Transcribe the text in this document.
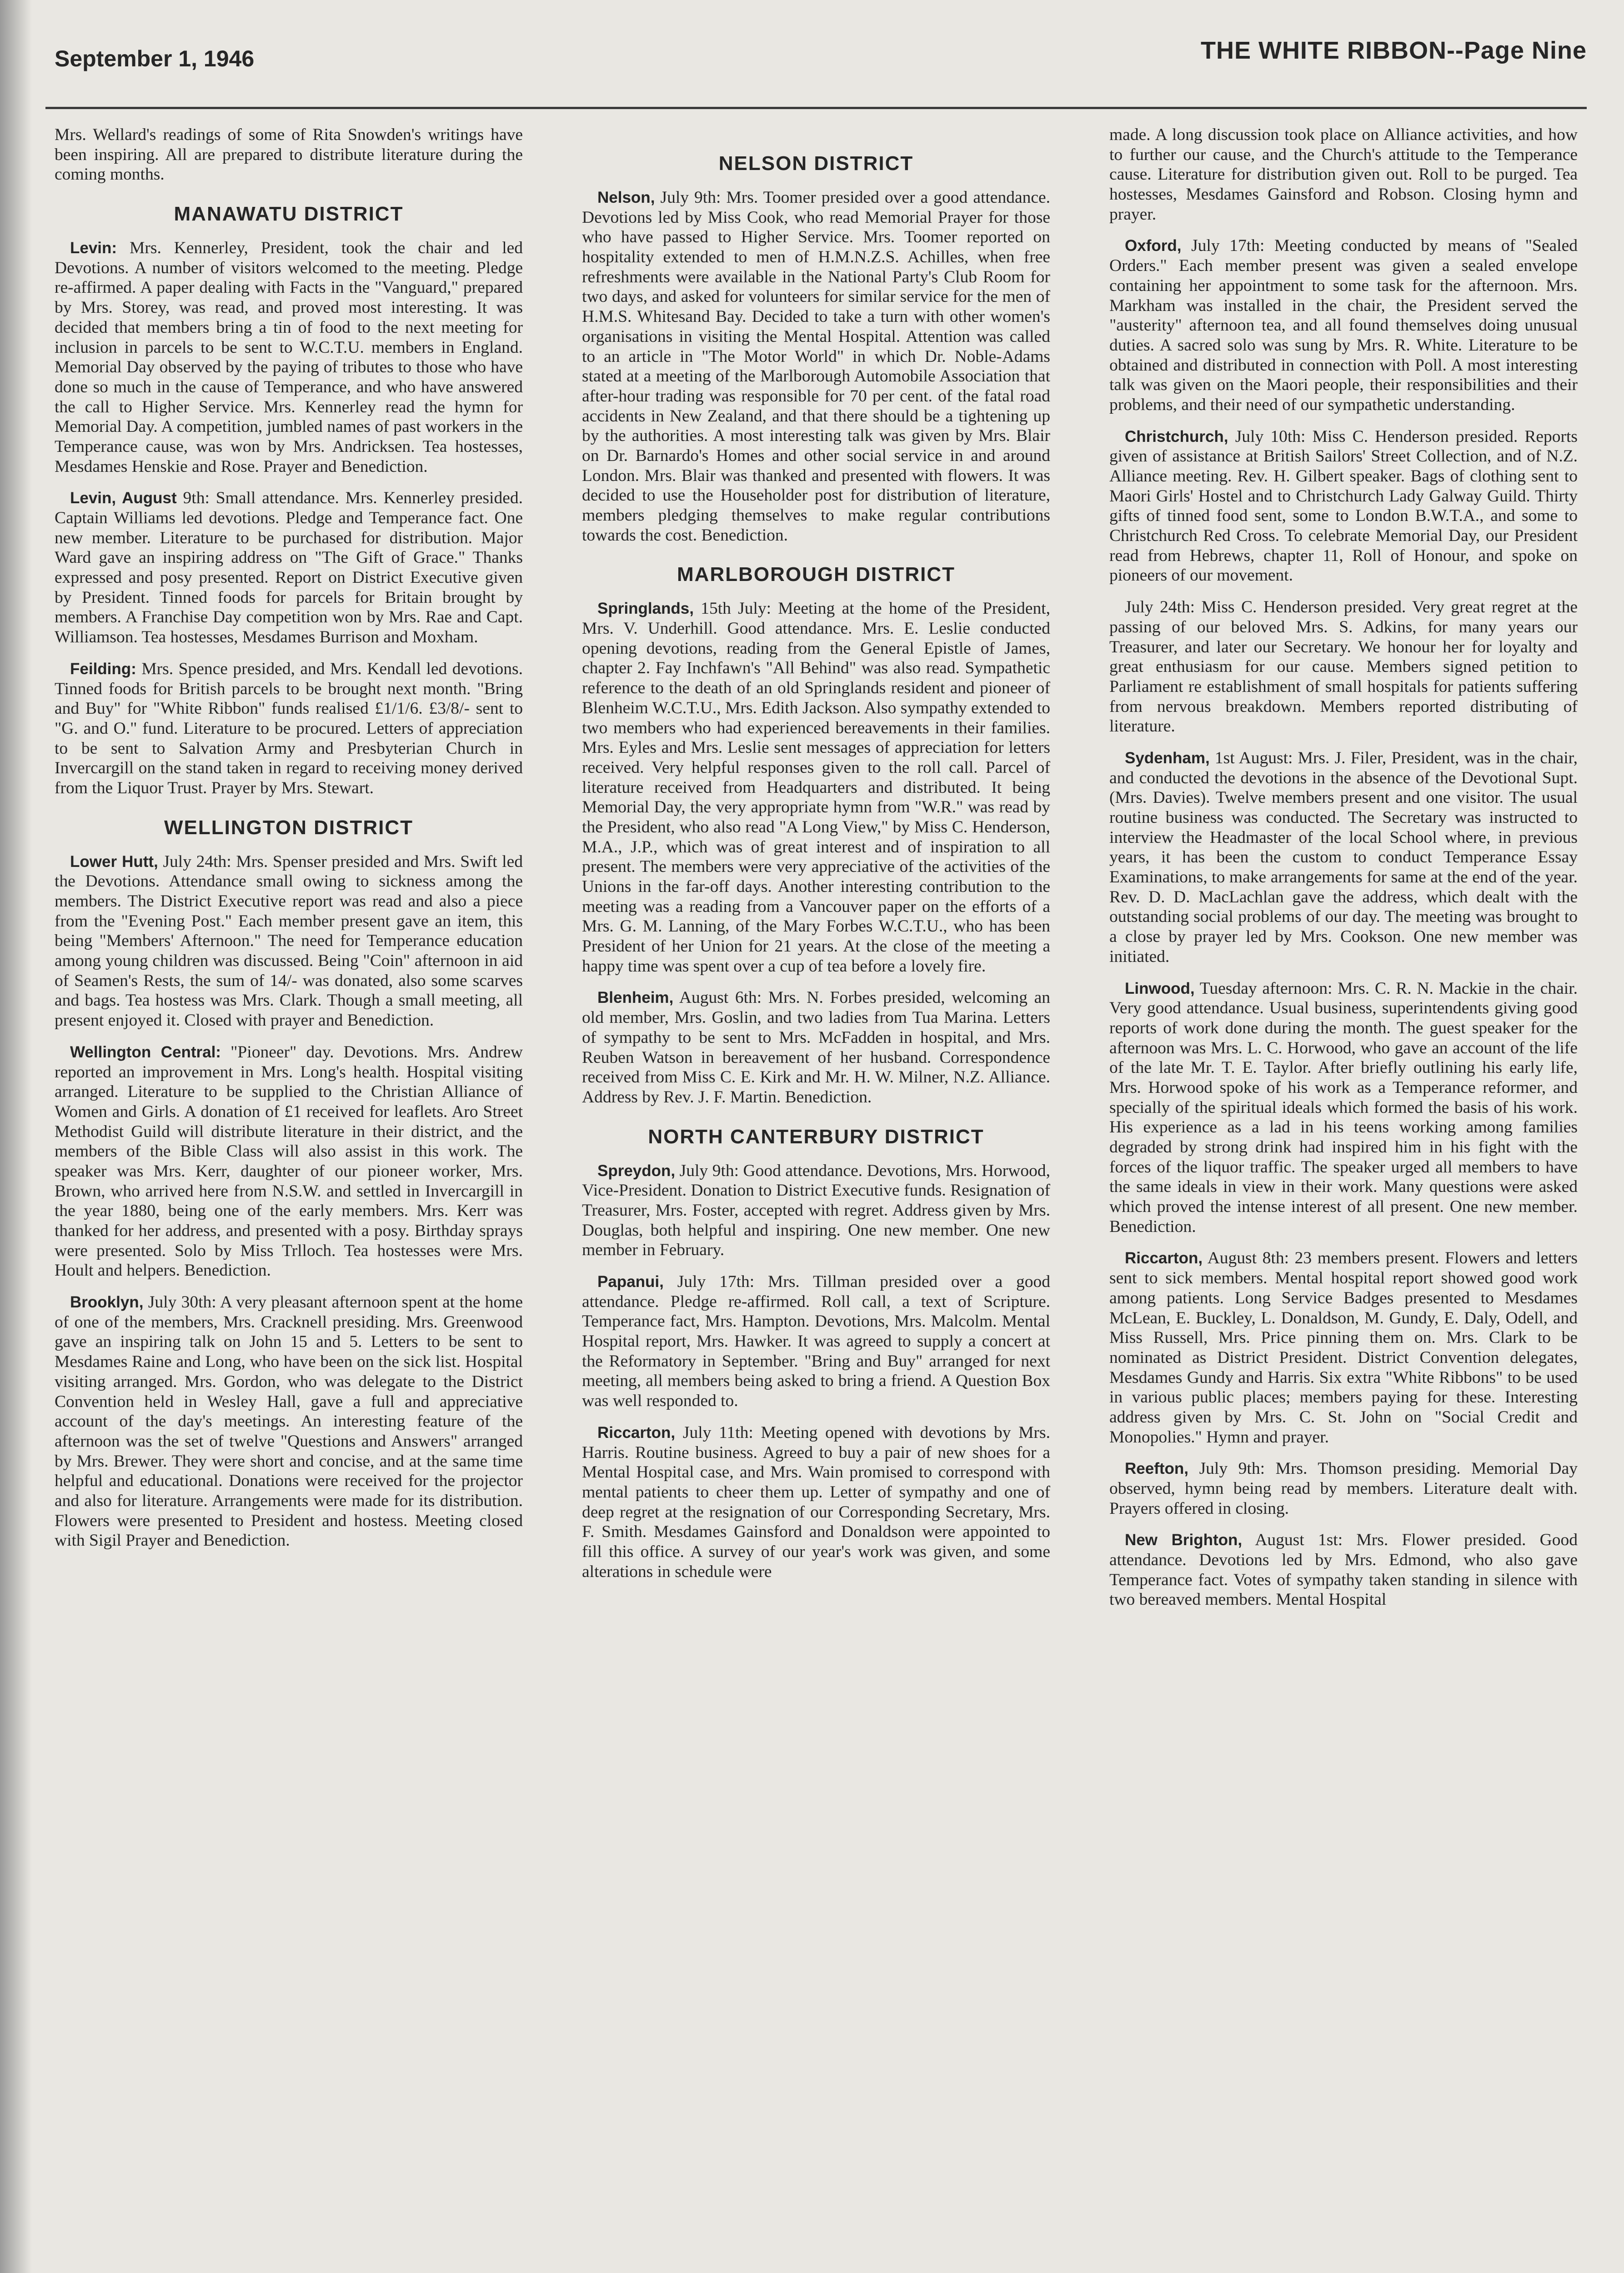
September 1, 1946	THE WHITE RIBBON--Page Nine

Mrs. Wellard's readings of some of Rita Snowden's writings have been inspiring. All are prepared to distribute literature during the coming months.

MANAWATU DISTRICT

Levin: Mrs. Kennerley, President, took the chair and led Devotions. A number of visitors welcomed to the meeting. Pledge re-affirmed. A paper dealing with Facts in the "Vanguard," prepared by Mrs. Storey, was read, and proved most interesting. It was decided that members bring a tin of food to the next meeting for inclusion in parcels to be sent to W.C.T.U. members in England. Memorial Day observed by the paying of tributes to those who have done so much in the cause of Temperance, and who have answered the call to Higher Service. Mrs. Kennerley read the hymn for Memorial Day. A competition, jumbled names of past workers in the Temperance cause, was won by Mrs. Andricksen. Tea hostesses, Mesdames Henskie and Rose. Prayer and Benediction.

Levin, August 9th: Small attendance. Mrs. Kennerley presided. Captain Williams led devotions. Pledge and Temperance fact. One new member. Literature to be purchased for distribution. Major Ward gave an inspiring address on "The Gift of Grace." Thanks expressed and posy presented. Report on District Executive given by President. Tinned foods for parcels for Britain brought by members. A Franchise Day competition won by Mrs. Rae and Capt. Williamson. Tea hostesses, Mesdames Burrison and Moxham.

Feilding: Mrs. Spence presided, and Mrs. Kendall led devotions. Tinned foods for British parcels to be brought next month. "Bring and Buy" for "White Ribbon" funds realised £1/1/6. £3/8/- sent to "G. and O." fund. Literature to be procured. Letters of appreciation to be sent to Salvation Army and Presbyterian Church in Invercargill on the stand taken in regard to receiving money derived from the Liquor Trust. Prayer by Mrs. Stewart.

WELLINGTON DISTRICT

Lower Hutt, July 24th: Mrs. Spenser presided and Mrs. Swift led the Devotions. Attendance small owing to sickness among the members. The District Executive report was read and also a piece from the "Evening Post." Each member present gave an item, this being "Members' Afternoon." The need for Temperance education among young children was discussed. Being "Coin" afternoon in aid of Seamen's Rests, the sum of 14/- was donated, also some scarves and bags. Tea hostess was Mrs. Clark. Though a small meeting, all present enjoyed it. Closed with prayer and Benediction.

Wellington Central: "Pioneer" day. Devotions. Mrs. Andrew reported an improvement in Mrs. Long's health. Hospital visiting arranged. Literature to be supplied to the Christian Alliance of Women and Girls. A donation of £1 received for leaflets. Aro Street Methodist Guild will distribute literature in their district, and the members of the Bible Class will also assist in this work. The speaker was Mrs. Kerr, daughter of our pioneer worker, Mrs. Brown, who arrived here from N.S.W. and settled in Invercargill in the year 1880, being one of the early members. Mrs. Kerr was thanked for her address, and presented with a posy. Birthday sprays were presented. Solo by Miss Trlloch. Tea hostesses were Mrs. Hoult and helpers. Benediction.

Brooklyn, July 30th: A very pleasant afternoon spent at the home of one of the members, Mrs. Cracknell presiding. Mrs. Greenwood gave an inspiring talk on John 15 and 5. Letters to be sent to Mesdames Raine and Long, who have been on the sick list. Hospital visiting arranged. Mrs. Gordon, who was delegate to the District Convention held in Wesley Hall, gave a full and appreciative account of the day's meetings. An interesting feature of the afternoon was the set of twelve "Questions and Answers" arranged by Mrs. Brewer. They were short and concise, and at the same time helpful and educational. Donations were received for the projector and also for literature. Arrangements were made for its distribution. Flowers were presented to President and hostess. Meeting closed with Sigil Prayer and Benediction.

NELSON DISTRICT

Nelson, July 9th: Mrs. Toomer presided over a good attendance. Devotions led by Miss Cook, who read Memorial Prayer for those who have passed to Higher Service. Mrs. Toomer reported on hospitality extended to men of H.M.N.Z.S. Achilles, when free refreshments were available in the National Party's Club Room for two days, and asked for volunteers for similar service for the men of H.M.S. Whitesand Bay. Decided to take a turn with other women's organisations in visiting the Mental Hospital. Attention was called to an article in "The Motor World" in which Dr. Noble-Adams stated at a meeting of the Marlborough Automobile Association that after-hour trading was responsible for 70 per cent. of the fatal road accidents in New Zealand, and that there should be a tightening up by the authorities. A most interesting talk was given by Mrs. Blair on Dr. Barnardo's Homes and other social service in and around London. Mrs. Blair was thanked and presented with flowers. It was decided to use the Householder post for distribution of literature, members pledging themselves to make regular contributions towards the cost. Benediction.

MARLBOROUGH DISTRICT

Springlands, 15th July: Meeting at the home of the President, Mrs. V. Underhill. Good attendance. Mrs. E. Leslie conducted opening devotions, reading from the General Epistle of James, chapter 2. Fay Inchfawn's "All Behind" was also read. Sympathetic reference to the death of an old Springlands resident and pioneer of Blenheim W.C.T.U., Mrs. Edith Jackson. Also sympathy extended to two members who had experienced bereavements in their families. Mrs. Eyles and Mrs. Leslie sent messages of appreciation for letters received. Very helpful responses given to the roll call. Parcel of literature received from Headquarters and distributed. It being Memorial Day, the very appropriate hymn from "W.R." was read by the President, who also read "A Long View," by Miss C. Henderson, M.A., J.P., which was of great interest and of inspiration to all present. The members were very appreciative of the activities of the Unions in the far-off days. Another interesting contribution to the meeting was a reading from a Vancouver paper on the efforts of a Mrs. G. M. Lanning, of the Mary Forbes W.C.T.U., who has been President of her Union for 21 years. At the close of the meeting a happy time was spent over a cup of tea before a lovely fire.

Blenheim, August 6th: Mrs. N. Forbes presided, welcoming an old member, Mrs. Goslin, and two ladies from Tua Marina. Letters of sympathy to be sent to Mrs. McFadden in hospital, and Mrs. Reuben Watson in bereavement of her husband. Correspondence received from Miss C. E. Kirk and Mr. H. W. Milner, N.Z. Alliance. Address by Rev. J. F. Martin. Benediction.

NORTH CANTERBURY DISTRICT

Spreydon, July 9th: Good attendance. Devotions, Mrs. Horwood, Vice-President. Donation to District Executive funds. Resignation of Treasurer, Mrs. Foster, accepted with regret. Address given by Mrs. Douglas, both helpful and inspiring. One new member. One new member in February.

Papanui, July 17th: Mrs. Tillman presided over a good attendance. Pledge re-affirmed. Roll call, a text of Scripture. Temperance fact, Mrs. Hampton. Devotions, Mrs. Malcolm. Mental Hospital report, Mrs. Hawker. It was agreed to supply a concert at the Reformatory in September. "Bring and Buy" arranged for next meeting, all members being asked to bring a friend. A Question Box was well responded to.

Riccarton, July 11th: Meeting opened with devotions by Mrs. Harris. Routine business. Agreed to buy a pair of new shoes for a Mental Hospital case, and Mrs. Wain promised to correspond with mental patients to cheer them up. Letter of sympathy and one of deep regret at the resignation of our Corresponding Secretary, Mrs. F. Smith. Mesdames Gainsford and Donaldson were appointed to fill this office. A survey of our year's work was given, and some alterations in schedule were

made. A long discussion took place on Alliance activities, and how to further our cause, and the Church's attitude to the Temperance cause. Literature for distribution given out. Roll to be purged. Tea hostesses, Mesdames Gainsford and Robson. Closing hymn and prayer.

Oxford, July 17th: Meeting conducted by means of "Sealed Orders." Each member present was given a sealed envelope containing her appointment to some task for the afternoon. Mrs. Markham was installed in the chair, the President served the "austerity" afternoon tea, and all found themselves doing unusual duties. A sacred solo was sung by Mrs. R. White. Literature to be obtained and distributed in connection with Poll. A most interesting talk was given on the Maori people, their responsibilities and their problems, and their need of our sympathetic understanding.

Christchurch, July 10th: Miss C. Henderson presided. Reports given of assistance at British Sailors' Street Collection, and of N.Z. Alliance meeting. Rev. H. Gilbert speaker. Bags of clothing sent to Maori Girls' Hostel and to Christchurch Lady Galway Guild. Thirty gifts of tinned food sent, some to London B.W.T.A., and some to Christchurch Red Cross. To celebrate Memorial Day, our President read from Hebrews, chapter 11, Roll of Honour, and spoke on pioneers of our movement.

July 24th: Miss C. Henderson presided. Very great regret at the passing of our beloved Mrs. S. Adkins, for many years our Treasurer, and later our Secretary. We honour her for loyalty and great enthusiasm for our cause. Members signed petition to Parliament re establishment of small hospitals for patients suffering from nervous breakdown. Members reported distributing of literature.

Sydenham, 1st August: Mrs. J. Filer, President, was in the chair, and conducted the devotions in the absence of the Devotional Supt. (Mrs. Davies). Twelve members present and one visitor. The usual routine business was conducted. The Secretary was instructed to interview the Headmaster of the local School where, in previous years, it has been the custom to conduct Temperance Essay Examinations, to make arrangements for same at the end of the year. Rev. D. D. MacLachlan gave the address, which dealt with the outstanding social problems of our day. The meeting was brought to a close by prayer led by Mrs. Cookson. One new member was initiated.

Linwood, Tuesday afternoon: Mrs. C. R. N. Mackie in the chair. Very good attendance. Usual business, superintendents giving good reports of work done during the month. The guest speaker for the afternoon was Mrs. L. C. Horwood, who gave an account of the life of the late Mr. T. E. Taylor. After briefly outlining his early life, Mrs. Horwood spoke of his work as a Temperance reformer, and specially of the spiritual ideals which formed the basis of his work. His experience as a lad in his teens working among families degraded by strong drink had inspired him in his fight with the forces of the liquor traffic. The speaker urged all members to have the same ideals in view in their work. Many questions were asked which proved the intense interest of all present. One new member. Benediction.

Riccarton, August 8th: 23 members present. Flowers and letters sent to sick members. Mental hospital report showed good work among patients. Long Service Badges presented to Mesdames McLean, E. Buckley, L. Donaldson, M. Gundy, E. Daly, Odell, and Miss Russell, Mrs. Price pinning them on. Mrs. Clark to be nominated as District President. District Convention delegates, Mesdames Gundy and Harris. Six extra "White Ribbons" to be used in various public places; members paying for these. Interesting address given by Mrs. C. St. John on "Social Credit and Monopolies." Hymn and prayer.

Reefton, July 9th: Mrs. Thomson presiding. Memorial Day observed, hymn being read by members. Literature dealt with. Prayers offered in closing.

New Brighton, August 1st: Mrs. Flower presided. Good attendance. Devotions led by Mrs. Edmond, who also gave Temperance fact. Votes of sympathy taken standing in silence with two bereaved members. Mental Hospital
